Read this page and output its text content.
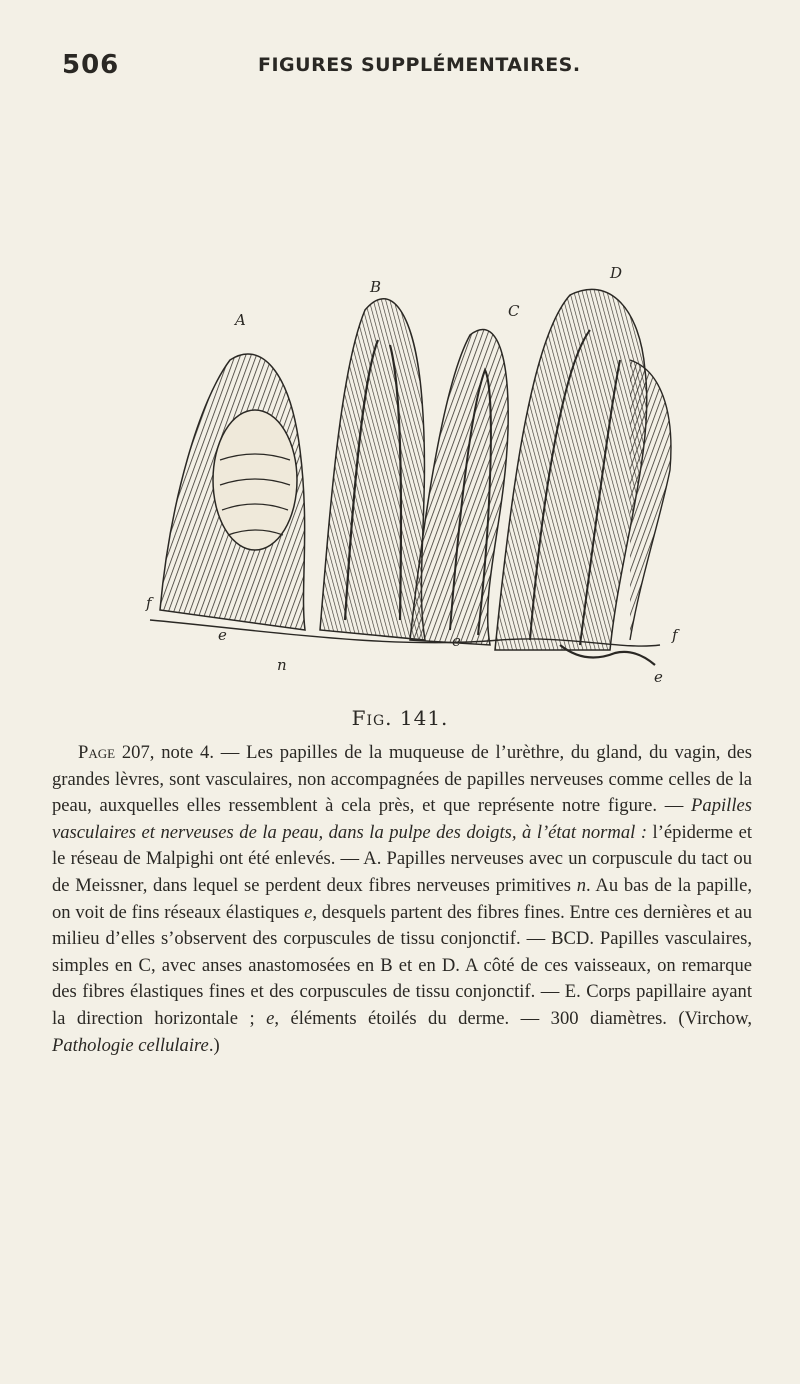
506	FIGURES SUPPLÉMENTAIRES.
A
B
C
D
e	e
e
n
f
f
Fig. 141.

Page 207, note 4. — Les papilles de la muqueuse de l’urèthre, du gland, du vagin, des grandes lèvres, sont vasculaires, non accompagnées de papilles nerveuses comme celles de la peau, auxquelles elles ressemblent à cela près, et que représente notre figure. — Papilles vasculaires et nerveuses de la peau, dans la pulpe des doigts, à l’état normal : l’épiderme et le réseau de Malpighi ont été enlevés. — A. Papilles nerveuses avec un corpuscule du tact ou de Meissner, dans lequel se perdent deux fibres nerveuses primitives n. Au bas de la papille, on voit de fins réseaux élastiques e, desquels partent des fibres fines. Entre ces dernières et au milieu d’elles s’observent des corpuscules de tissu conjonctif. — BCD. Papilles vasculaires, simples en C, avec anses anastomosées en B et en D. A côté de ces vaisseaux, on remarque des fibres élastiques fines et des corpuscules de tissu conjonctif. — E. Corps papillaire ayant la direction horizontale ; e, éléments étoilés du derme. — 300 diamètres. (Virchow, Pathologie cellulaire.)
